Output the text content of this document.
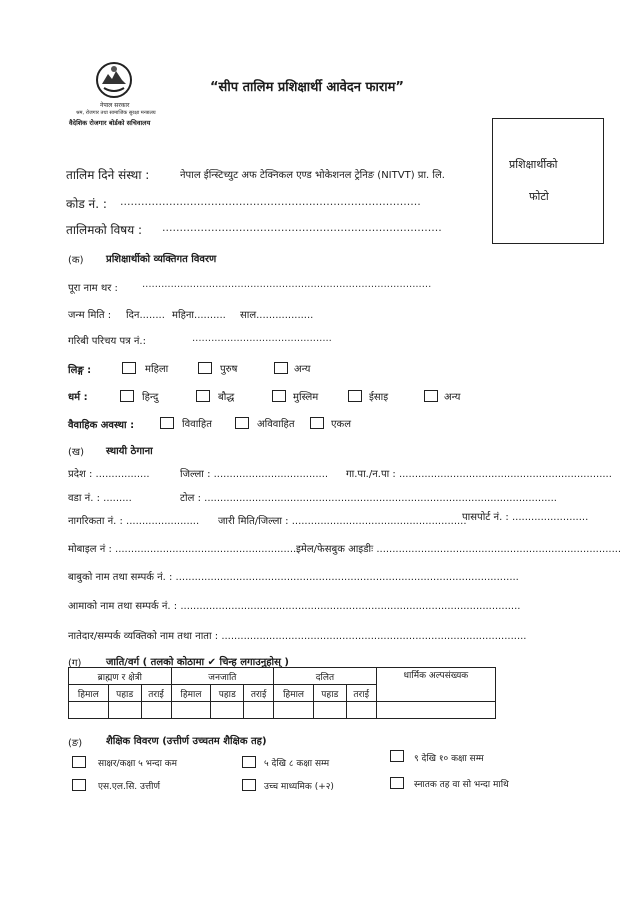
नेपाल सरकार
श्रम, रोजगार तथा सामाजिक सुरक्षा मन्त्रालय
वैदेशिक रोजगार बोर्डको सचिवालय
“सीप तालिम प्रशिक्षार्थी आवेदन फाराम”
प्रशिक्षार्थीको
फोटो
तालिम दिने संस्था :	नेपाल ईन्स्टिच्युट अफ टेक्निकल एण्ड भोकेशनल ट्रेनिङ (NITVT) प्रा. लि.
कोड नं. : ......................................................................................
तालिमको विषय : ................................................................................
(क) प्रशिक्षार्थीको व्यक्तिगत विवरण
पूरा नाम थर : ...........................................................................................
जन्म मिति : दिन........ महिना.......... साल..................
गरिबी परिचय पत्र नं.:	............................................
लिङ्ग :	महिला	पुरुष	अन्य
धर्म :	हिन्दु	बौद्ध	मुस्लिम	ईसाइ	अन्य
वैवाहिक अवस्था :	विवाहित	अविवाहित	एकल
(ख) स्थायी ठेगाना
प्रदेश : .................	जिल्ला : .................................... गा.पा./न.पा : ...................................................................
वडा नं. : .........	टोल : ...............................................................................................................
नागरिकता नं. : ....................... जारी मिति/जिल्ला : .......................................................
पासपोर्ट नं. : ........................
मोबाइल नं : ..........................................................
इमेल/फेसबुक आइडीः .............................................................................
बाबुको नाम तथा सम्पर्क नं. : ............................................................................................................
आमाको नाम तथा सम्पर्क नं. : ...........................................................................................................
नातेदार/सम्पर्क व्यक्तिको नाम तथा नाता : ................................................................................................
(ग) जाति/वर्ग ( तलको कोठामा ✔ चिन्ह लगाउनुहोस् )
ब्राह्मण र क्षेत्री			जनजाति			दलित			धार्मिक अल्पसंख्यक
हिमाल	पहाड	तराई	हिमाल	पहाड	तराई	हिमाल	पहाड	तराई	

(ङ) शैक्षिक विवरण (उत्तीर्ण उच्चतम शैक्षिक तह)
साक्षर/कक्षा ५ भन्दा कम	५ देखि ८ कक्षा सम्म	९ देखि १० कक्षा सम्म
एस.एल.सि. उत्तीर्ण	उच्च माध्यमिक (+२)	स्नातक तह वा सो भन्दा माथि
